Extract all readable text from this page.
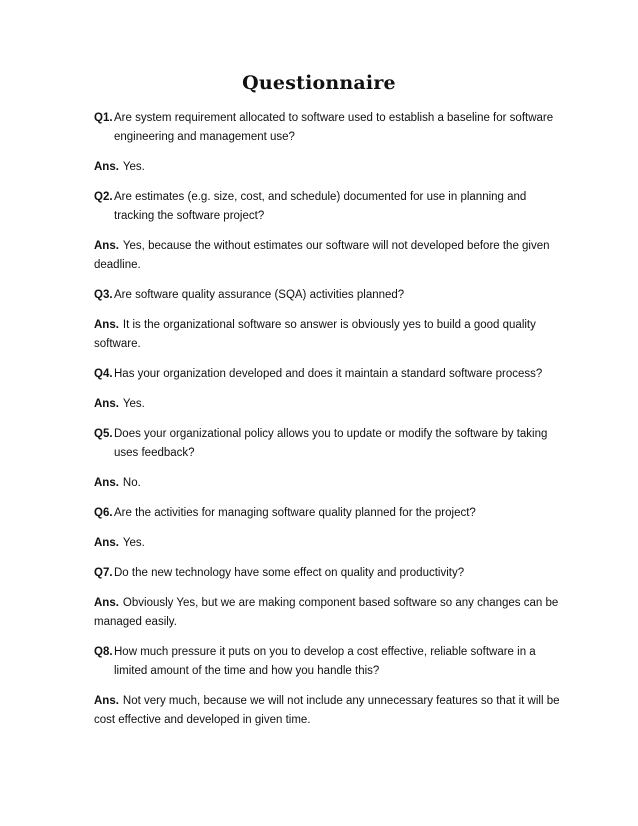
Questionnaire
Q1. Are system requirement allocated to software used to establish a baseline for software engineering and management use?
Ans. Yes.
Q2. Are estimates (e.g. size, cost, and schedule) documented for use in planning and tracking the software project?
Ans. Yes, because the without estimates our software will not developed before the given deadline.
Q3. Are software quality assurance (SQA) activities planned?
Ans. It is the organizational software so answer is obviously yes to build a good quality software.
Q4. Has your organization developed and does it maintain a standard software process?
Ans. Yes.
Q5. Does your organizational policy allows you to update or modify the software by taking uses feedback?
Ans. No.
Q6. Are the activities for managing software quality planned for the project?
Ans. Yes.
Q7. Do the new technology have some effect on quality and productivity?
Ans. Obviously Yes, but we are making component based software so any changes can be managed easily.
Q8. How much pressure it puts on you to develop a cost effective, reliable software in a limited amount of the time and how you handle this?
Ans. Not very much, because we will not include any unnecessary features so that it will be cost effective and developed in given time.
